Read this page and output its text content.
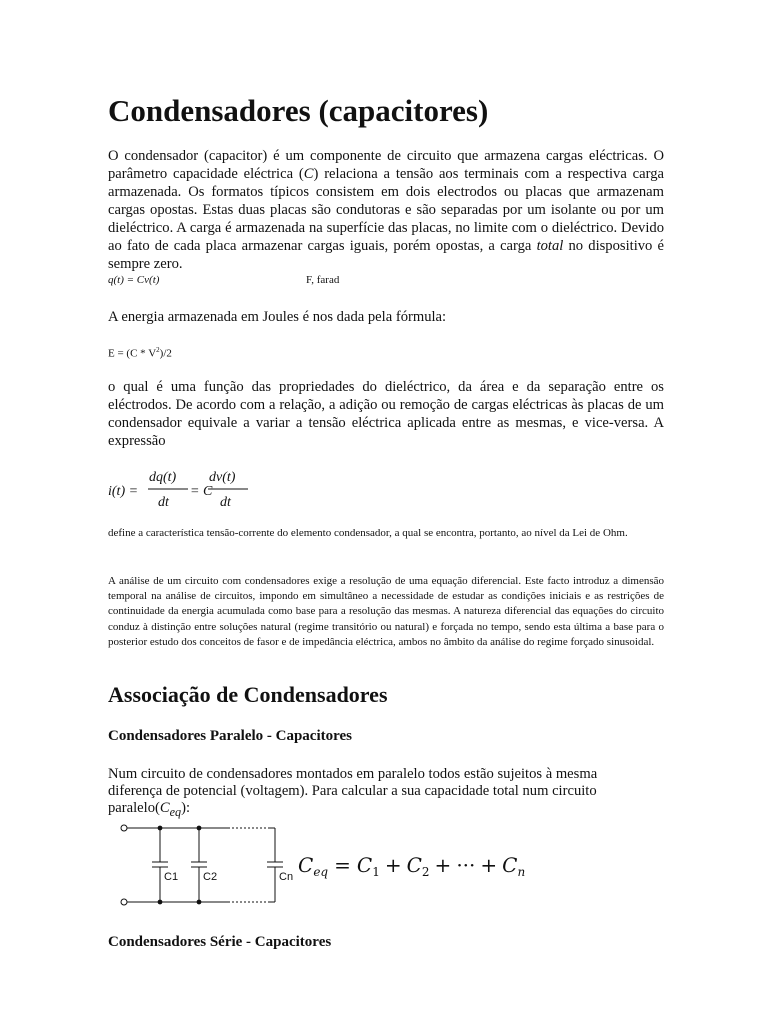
Condensadores (capacitores)
O condensador (capacitor) é um componente de circuito que armazena cargas eléctricas. O parâmetro capacidade eléctrica (C) relaciona a tensão aos terminais com a respectiva carga armazenada. Os formatos típicos consistem em dois electrodos ou placas que armazenam cargas opostas. Estas duas placas são condutoras e são separadas por um isolante ou por um dieléctrico. A carga é armazenada na superfície das placas, no limite com o dieléctrico. Devido ao fato de cada placa armazenar cargas iguais, porém opostas, a carga total no dispositivo é sempre zero.
q(t) = Cv(t)	F, farad
A energia armazenada em Joules é nos dada pela fórmula:
$E = (C * V^2)/2$
o qual é uma função das propriedades do dieléctrico, da área e da separação entre os eléctrodos. De acordo com a relação, a adição ou remoção de cargas eléctricas às placas de um condensador equivale a variar a tensão eléctrica aplicada entre as mesmas, e vice-versa. A expressão
i(t) =
dq(t)
dt
= C
dv(t)
dt
define a característica tensão-corrente do elemento condensador, a qual se encontra, portanto, ao nível da Lei de Ohm.
A análise de um circuito com condensadores exige a resolução de uma equação diferencial. Este facto introduz a dimensão temporal na análise de circuitos, impondo em simultâneo a necessidade de estudar as condições iniciais e as restrições de continuidade da energia acumulada como base para a resolução das mesmas. A natureza diferencial das equações do circuito conduz à distinção entre soluções natural (regime transitório ou natural) e forçada no tempo, sendo esta última a base para o posterior estudo dos conceitos de fasor e de impedância eléctrica, ambos no âmbito da análise do regime forçado sinusoidal.
Associação de Condensadores
Condensadores Paralelo - Capacitores
Num circuito de condensadores montados em paralelo todos estão sujeitos à mesma diferença de potencial (voltagem). Para calcular a sua capacidade total num circuito $paralelo(C_{eq})$:
C1 C2	Cn $C_{eq} = C_1 + C_2$ + ··· + $C_n$
Condensadores Série - Capacitores
